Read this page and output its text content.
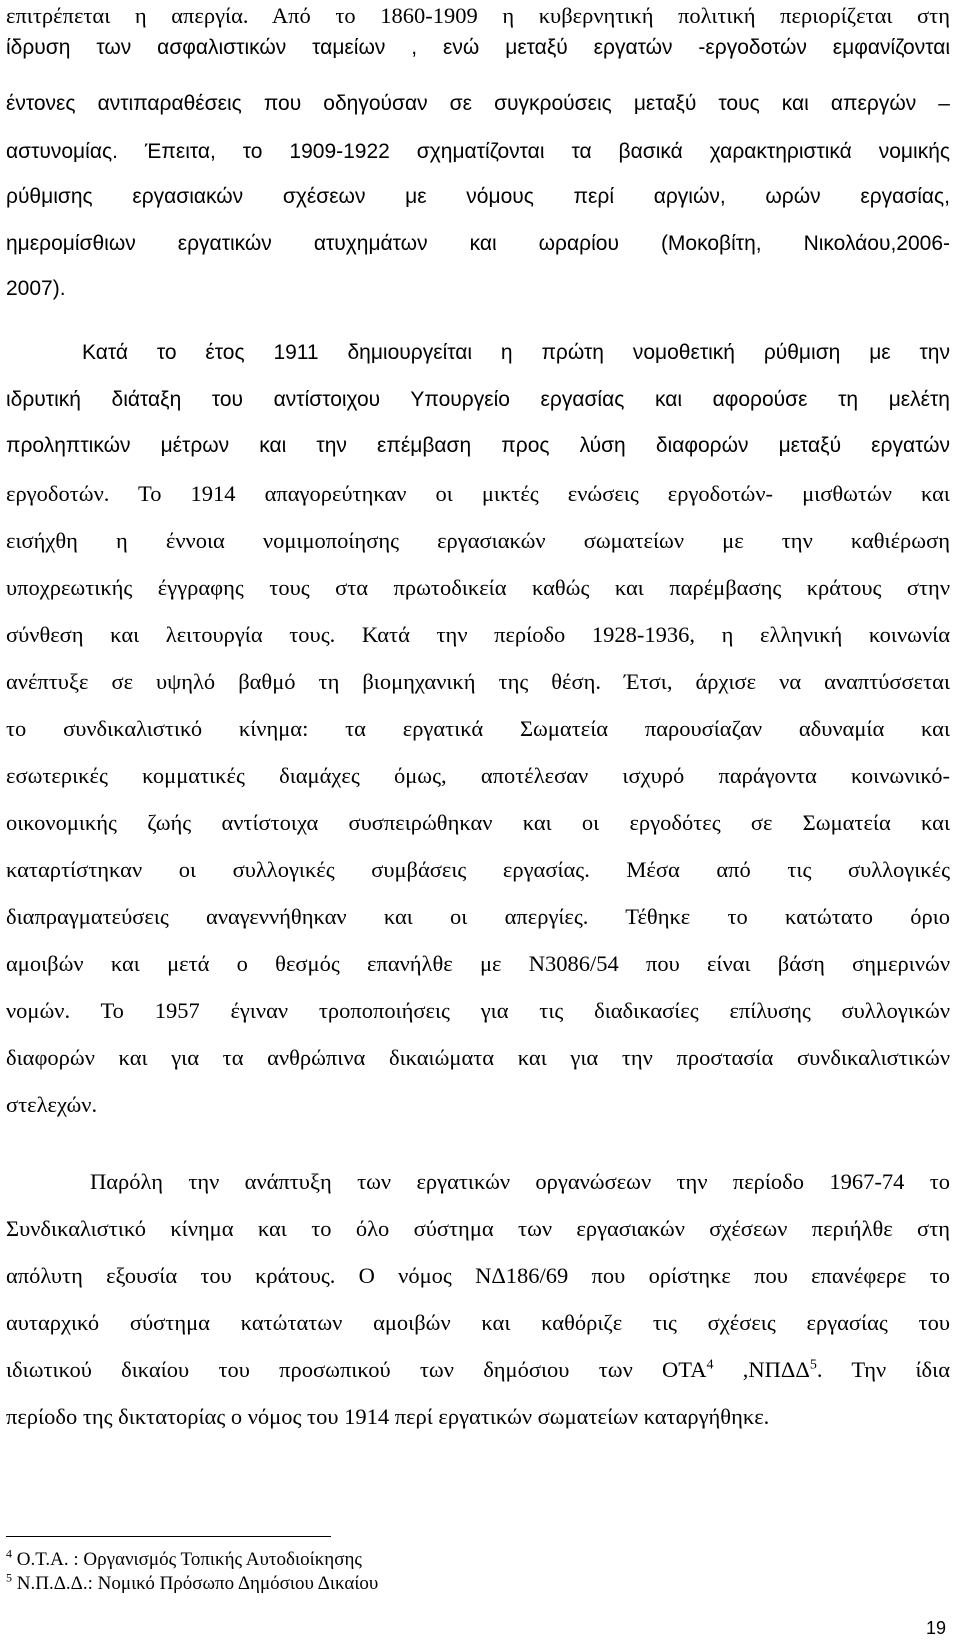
επιτρέπεται η απεργία. Από το 1860-1909 η κυβερνητική πολιτική περιορίζεται στη
ίδρυση των ασφαλιστικών ταμείων , ενώ μεταξύ εργατών -εργοδοτών εμφανίζονται
έντονες αντιπαραθέσεις που οδηγούσαν σε συγκρούσεις μεταξύ τους και απεργών –
αστυνομίας. Έπειτα, το 1909-1922 σχηματίζονται τα βασικά χαρακτηριστικά νομικής
ρύθμισης εργασιακών σχέσεων με νόμους περί αργιών, ωρών εργασίας,
ημερομίσθιων εργατικών ατυχημάτων και ωραρίου (Μοκοβίτη, Νικολάου,2006-
2007).
Κατά το έτος 1911 δημιουργείται η πρώτη νομοθετική ρύθμιση με την
ιδρυτική διάταξη του αντίστοιχου Υπουργείο εργασίας και αφορούσε τη μελέτη
προληπτικών μέτρων και την επέμβαση προς λύση διαφορών μεταξύ εργατών
εργοδοτών. Το 1914 απαγορεύτηκαν οι μικτές ενώσεις εργοδοτών- μισθωτών και
εισήχθη η έννοια νομιμοποίησης εργασιακών σωματείων με την καθιέρωση
υποχρεωτικής έγγραφης τους στα πρωτοδικεία καθώς και παρέμβασης κράτους στην
σύνθεση και λειτουργία τους. Κατά την περίοδο 1928-1936, η ελληνική κοινωνία
ανέπτυξε σε υψηλό βαθμό τη βιομηχανική της θέση. Έτσι, άρχισε να αναπτύσσεται
το συνδικαλιστικό κίνημα: τα εργατικά Σωματεία παρουσίαζαν αδυναμία και
εσωτερικές κομματικές διαμάχες όμως, αποτέλεσαν ισχυρό παράγοντα κοινωνικό-
οικονομικής ζωής αντίστοιχα συσπειρώθηκαν και οι εργοδότες σε Σωματεία και
καταρτίστηκαν οι συλλογικές συμβάσεις εργασίας. Μέσα από τις συλλογικές
διαπραγματεύσεις αναγεννήθηκαν και οι απεργίες. Τέθηκε το κατώτατο όριο
αμοιβών και μετά ο θεσμός επανήλθε με Ν3086/54 που είναι βάση σημερινών
νομών. Το 1957 έγιναν τροποποιήσεις για τις διαδικασίες επίλυσης συλλογικών
διαφορών και για τα ανθρώπινα δικαιώματα και για την προστασία συνδικαλιστικών
στελεχών.
Παρόλη την ανάπτυξη των εργατικών οργανώσεων την περίοδο 1967-74 το
Συνδικαλιστικό κίνημα και το όλο σύστημα των εργασιακών σχέσεων περιήλθε στη
απόλυτη εξουσία του κράτους. Ο νόμος ΝΔ186/69 που ορίστηκε που επανέφερε το
αυταρχικό σύστημα κατώτατων αμοιβών και καθόριζε τις σχέσεις εργασίας του
ιδιωτικού δικαίου του προσωπικού των δημόσιου των ΟΤΑ$^4$ ,ΝΠΔΔ$^5$. Την ίδια
περίοδο της δικτατορίας ο νόμος του 1914 περί εργατικών σωματείων καταργήθηκε.
$^4$ Ο.Τ.Α. : Οργανισμός Τοπικής Αυτοδιοίκησης
$^5$ Ν.Π.Δ.Δ.: Νομικό Πρόσωπο Δημόσιου Δικαίου
19
